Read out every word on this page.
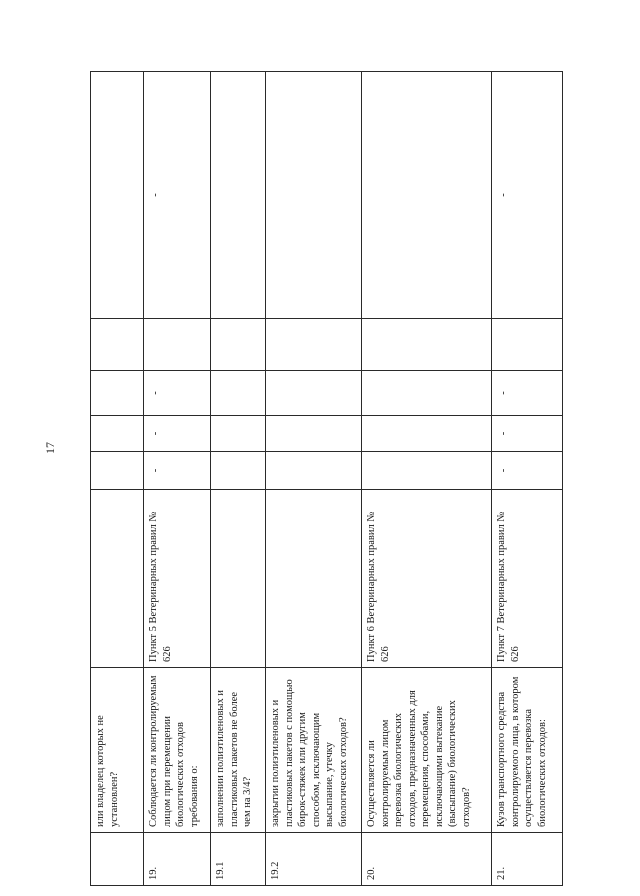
17
	или владелец которых не установлен?						
19.	Соблюдается ли контролируемым лицом при перемещении биологических отходов требования о:	Пункт 5 Ветеринарных правил № 626	-	-	-		-
19.1	заполнении полиэтиленовых и пластиковых пакетов не более чем на 3/4?						
19.2	закрытии полиэтиленовых и пластиковых пакетов с помощью бирок-стяжек или другим способом, исключающим высыпание, утечку биологических отходов?						
20.	Осуществляется ли контролируемым лицом перевозка биологических отходов, предназначенных для перемещения, способами, исключающими вытекание (высыпание) биологических отходов?	Пункт 6 Ветеринарных правил № 626					
21.	Кузов транспортного средства контролируемого лица, в котором осуществляется перевозка биологических отходов:	Пункт 7 Ветеринарных правил № 626	-	-	-		-
